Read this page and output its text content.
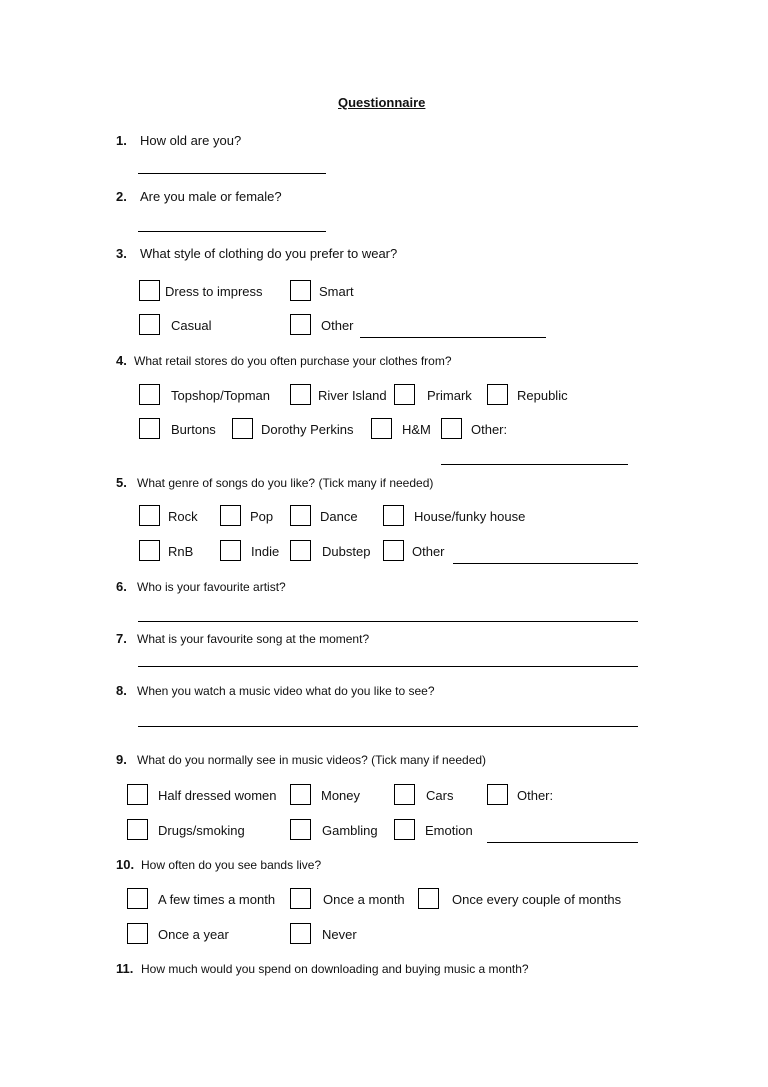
Questionnaire
1. How old are you?
2. Are you male or female?
3. What style of clothing do you prefer to wear?
Dress to impress	Smart
Casual	Other
4. What retail stores do you often purchase your clothes from?
Topshop/Topman	River Island	Primark	Republic
Burtons	Dorothy Perkins	H&M	Other:
5. What genre of songs do you like? (Tick many if needed)
Rock	Pop	Dance	House/funky house
RnB	Indie	Dubstep	Other
6. Who is your favourite artist?
7. What is your favourite song at the moment?
8. When you watch a music video what do you like to see?
9. What do you normally see in music videos? (Tick many if needed)
Half dressed women	Money	Cars	Other:
Drugs/smoking	Gambling	Emotion
10. How often do you see bands live?
A few times a month	Once a month	Once every couple of months
Once a year	Never
11. How much would you spend on downloading and buying music a month?
